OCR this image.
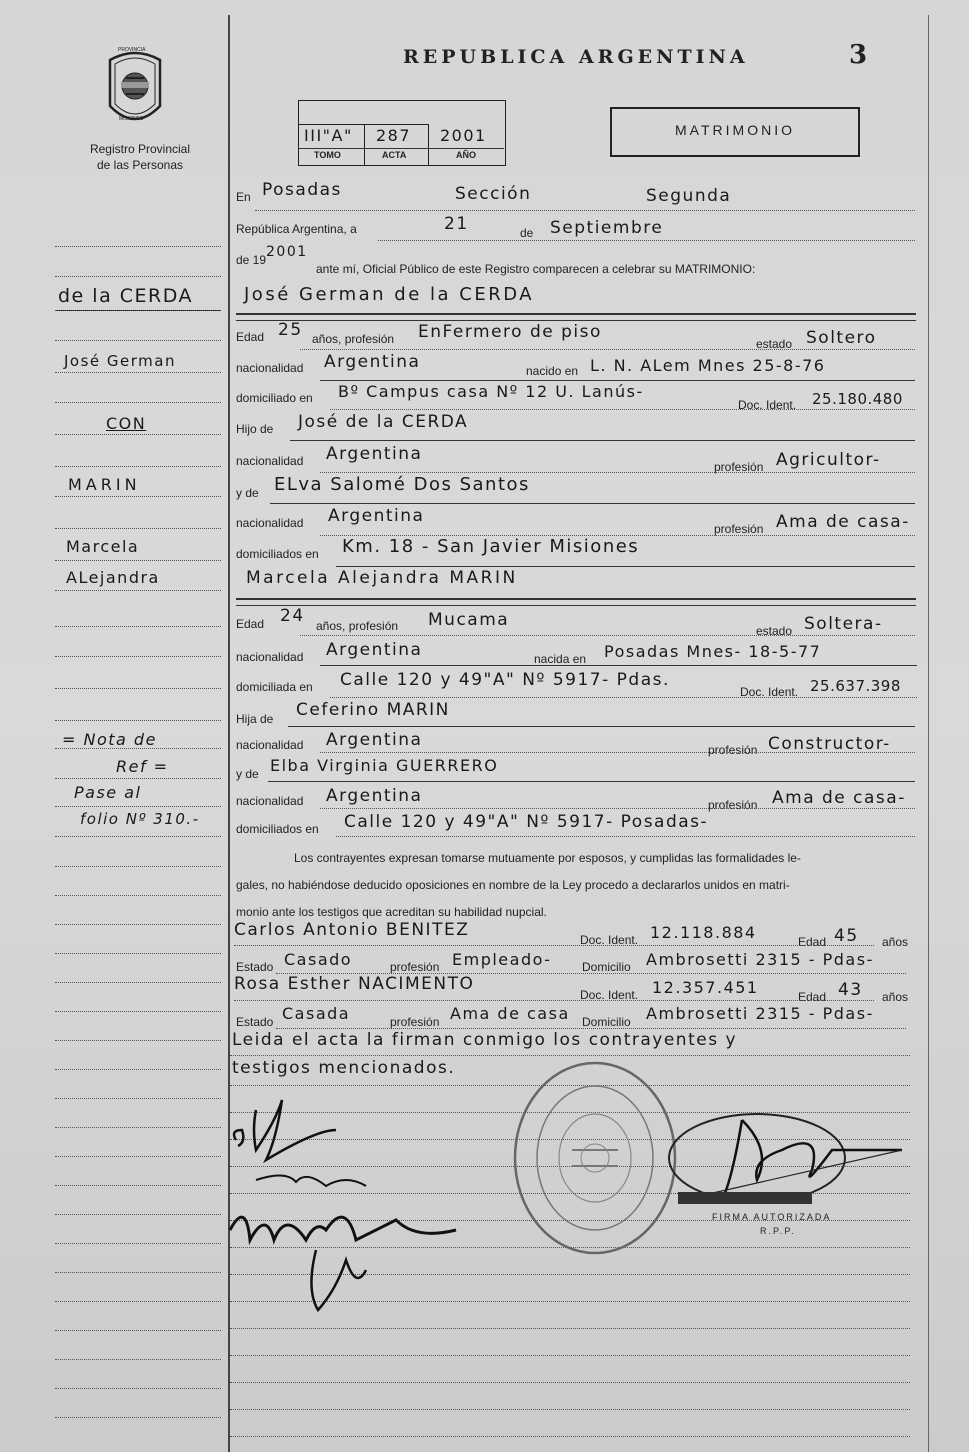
PROVINCIA
MISIONES
Registro Provincial
de las Personas
REPUBLICA ARGENTINA	3
III"A" 287 2001
TOMO	ACTA	AÑO
MATRIMONIO
de la CERDA
José German
CON
MARIN
Marcela
ALejandra
= Nota de
Ref =
Pase al
folio Nº 310.-
En Posadas	Sección	Segunda
República Argentina, a	21	de Septiembre
de 19 2001
ante mí, Oficial Público de este Registro comparecen a celebrar su MATRIMONIO:
José German de la CERDA
Edad 25 años, profesión EnFermero de piso
estado Soltero
nacionalidad Argentina	nacido en L. N. ALem Mnes 25-8-76
domiciliado en Bº Campus casa Nº 12 U. Lanús-
Doc. Ident. 25.180.480
Hijo de José de la CERDA
nacionalidad Argentina
profesión Agricultor-
y de ELva Salomé Dos Santos
nacionalidad Argentina
profesión Ama de casa-
domiciliados en Km. 18 - San Javier Misiones
Marcela Alejandra MARIN
Edad 24 años, profesión Mucama
estado Soltera-
nacionalidad Argentina	nacida en Posadas Mnes- 18-5-77
domiciliada en Calle 120 y 49"A" Nº 5917- Pdas.
Doc. Ident. 25.637.398
Hija de Ceferino MARIN
nacionalidad Argentina	profesión Constructor-
y de Elba Virginia GUERRERO
nacionalidad Argentina	profesión Ama de casa-
domiciliados en Calle 120 y 49"A" Nº 5917- Posadas-
Los contrayentes expresan tomarse mutuamente por esposos, y cumplidas las formalidades le-
gales, no habiéndose deducido oposiciones en nombre de la Ley procedo a declararlos unidos en matri-
monio ante los testigos que acreditan su habilidad nupcial.
Carlos Antonio BENITEZ	Doc. Ident. 12.118.884	Edad 45 años
Estado Casado	profesión Empleado-	Domicilio Ambrosetti 2315 - Pdas-
Rosa Esther NACIMENTO
Doc. Ident. 12.357.451	Edad 43 años
Estado Casada	profesión Ama de casa Domicilio Ambrosetti 2315 - Pdas-
Leida el acta la firman conmigo los contrayentes y
testigos mencionados.

FIRMA AUTORIZADA
R.P.P.
